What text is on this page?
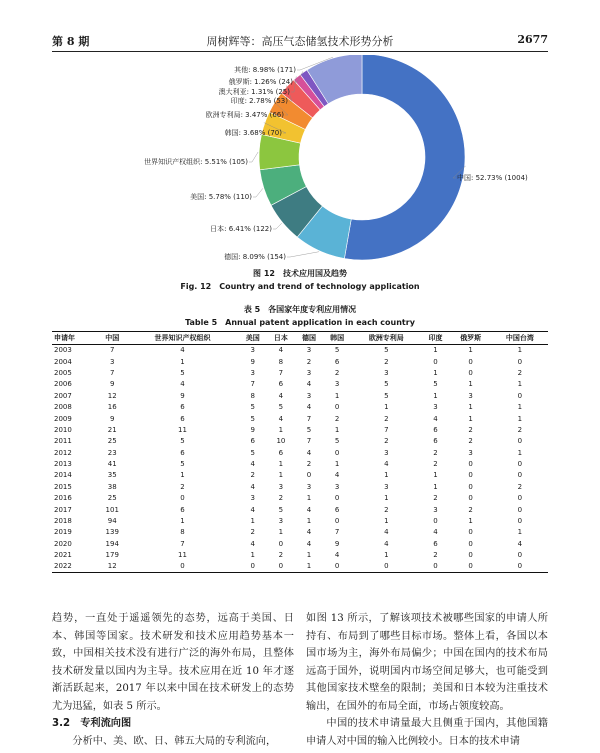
第 8 期	周树辉等：高压气态储氢技术形势分析	2677
中国: 52.73% (1004)
德国: 8.09% (154)
日本: 6.41% (122)
美国: 5.78% (110)
世界知识产权组织: 5.51% (105)
韩国: 3.68% (70)
欧洲专利局: 3.47% (66)
印度: 2.78% (53)
澳大利亚: 1.31% (25)
俄罗斯: 1.26% (24)
其他: 8.98% (171)
图 12　技术应用国及趋势
Fig. 12　Country and trend of technology application
表 5　各国家年度专利应用情况
Table 5　Annual patent application in each country
申请年	中国	世界知识产权组织	美国	日本	德国	韩国	欧洲专利局	印度	俄罗斯	中国台湾
2003	7	4	3	4	3	5	5	1	1	1
2004	3	1	9	8	2	6	2	0	0	0
2005	7	5	3	7	3	2	3	1	0	2
2006	9	4	7	6	4	3	5	5	1	1
2007	12	9	8	4	3	1	5	1	3	0
2008	16	6	5	5	4	0	1	3	1	1
2009	9	6	5	4	7	2	2	4	1	1
2010	21	11	9	1	5	1	7	6	2	2
2011	25	5	6	10	7	5	2	6	2	0
2012	23	6	5	6	4	0	3	2	3	1
2013	41	5	4	1	2	1	4	2	0	0
2014	35	1	2	1	0	4	1	1	0	0
2015	38	2	4	3	3	3	3	1	0	2
2016	25	0	3	2	1	0	1	2	0	0
2017	101	6	4	5	4	6	2	3	2	0
2018	94	1	1	3	1	0	1	0	1	0
2019	139	8	2	1	4	7	4	4	0	1
2020	194	7	4	0	4	9	4	6	0	4
2021	179	11	1	2	1	4	1	2	0	0
2022	12	0	0	0	1	0	0	0	0	0

趋势，一直处于遥遥领先的态势，远高于美国、日本、韩国等国家。技术研发和技术应用趋势基本一致，中国相关技术没有进行广泛的海外布局，且整体技术研发量以国内为主导。技术应用在近 10 年才逐渐活跃起来，2017 年以来中国在技术研发上的态势尤为迅猛，如表 5 所示。

3.2　专利流向图

分析中、美、欧、日、韩五大局的专利流向，

如图 13 所示，了解该项技术被哪些国家的申请人所持有、布局到了哪些目标市场。整体上看，各国以本国市场为主，海外布局偏少；中国在国内的技术布局远高于国外，说明国内市场空间足够大，也可能受到其他国家技术壁垒的限制；美国和日本较为注重技术输出，在国外的布局全面，市场占领度较高。

中国的技术申请量最大且侧重于国内，其他国籍申请人对中国的输入比例较小。日本的技术申请
